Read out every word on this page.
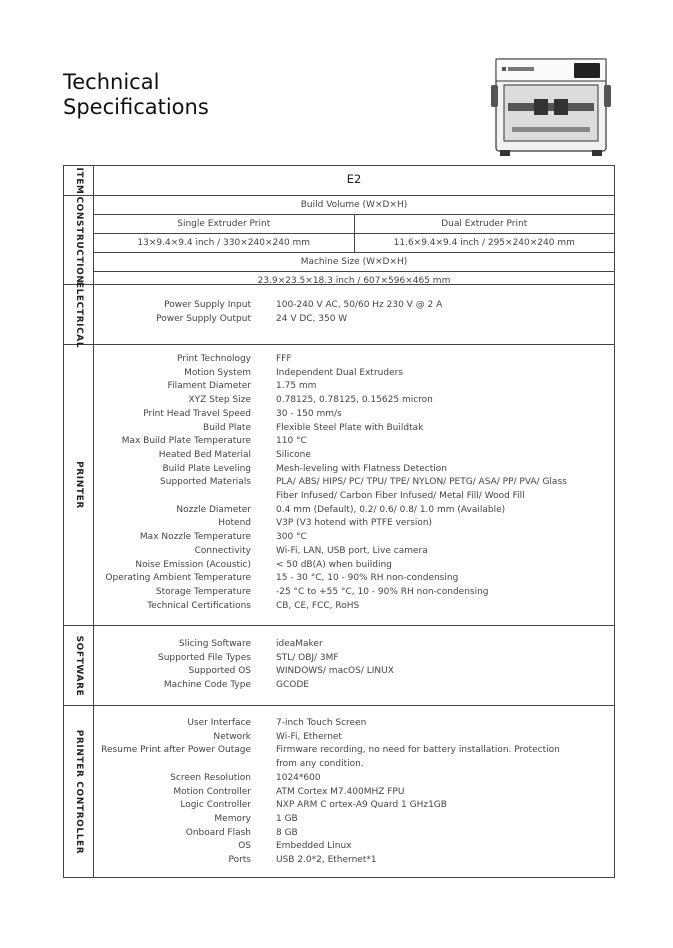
Technical
Specifications
ITEM	E2
CONSTRUCTION	Build Volume (W×D×H)
Single Extruder Print	Dual Extruder Print
13×9.4×9.4 inch / 330×240×240 mm	11.6×9.4×9.4 inch / 295×240×240 mm
Machine Size (W×D×H)
23.9×23.5×18.3 inch / 607×596×465 mm
ELECTRICAL	Power Supply Input	100-240 V AC, 50/60 Hz 230 V @ 2 A
Power Supply Output	24 V DC, 350 W
PRINTER
Print Technology	FFF
Motion System	Independent Dual Extruders
Filament Diameter	1.75 mm
XYZ Step Size	0.78125, 0.78125, 0.15625 micron
Print Head Travel Speed	30 - 150 mm/s
Build Plate	Flexible Steel Plate with Buildtak
Max Build Plate Temperature	110 °C
Heated Bed Material	Silicone
Build Plate Leveling	Mesh-leveling with Flatness Detection
Supported Materials	PLA/ ABS/ HIPS/ PC/ TPU/ TPE/ NYLON/ PETG/ ASA/ PP/ PVA/ Glass
Fiber Infused/ Carbon Fiber Infused/ Metal Fill/ Wood Fill
Nozzle Diameter	0.4 mm (Default), 0.2/ 0.6/ 0.8/ 1.0 mm (Available)
Hotend	V3P (V3 hotend with PTFE version)
Max Nozzle Temperature	300 °C
Connectivity	Wi-Fi, LAN, USB port, Live camera
Noise Emission (Acoustic)	< 50 dB(A) when building
Operating Ambient Temperature	15 - 30 °C, 10 - 90% RH non-condensing
Storage Temperature	-25 °C to +55 °C, 10 - 90% RH non-condensing
Technical Certifications	CB, CE, FCC, RoHS
SOFTWARE	Slicing Software	ideaMaker
Supported File Types	STL/ OBJ/ 3MF
Supported OS	WINDOWS/ macOS/ LINUX
Machine Code Type	GCODE
PRINTER CONTROLLER
User Interface	7-inch Touch Screen
Network	Wi-Fi, Ethernet
Resume Print after Power Outage	Firmware recording, no need for battery installation. Protection
from any condition.
Screen Resolution	1024*600
Motion Controller	ATM Cortex M7.400MHZ FPU
Logic Controller	NXP ARM C ortex-A9 Quard 1 GHz1GB
Memory	1 GB
Onboard Flash	8 GB
OS	Embedded Linux
Ports	USB 2.0*2, Ethernet*1
